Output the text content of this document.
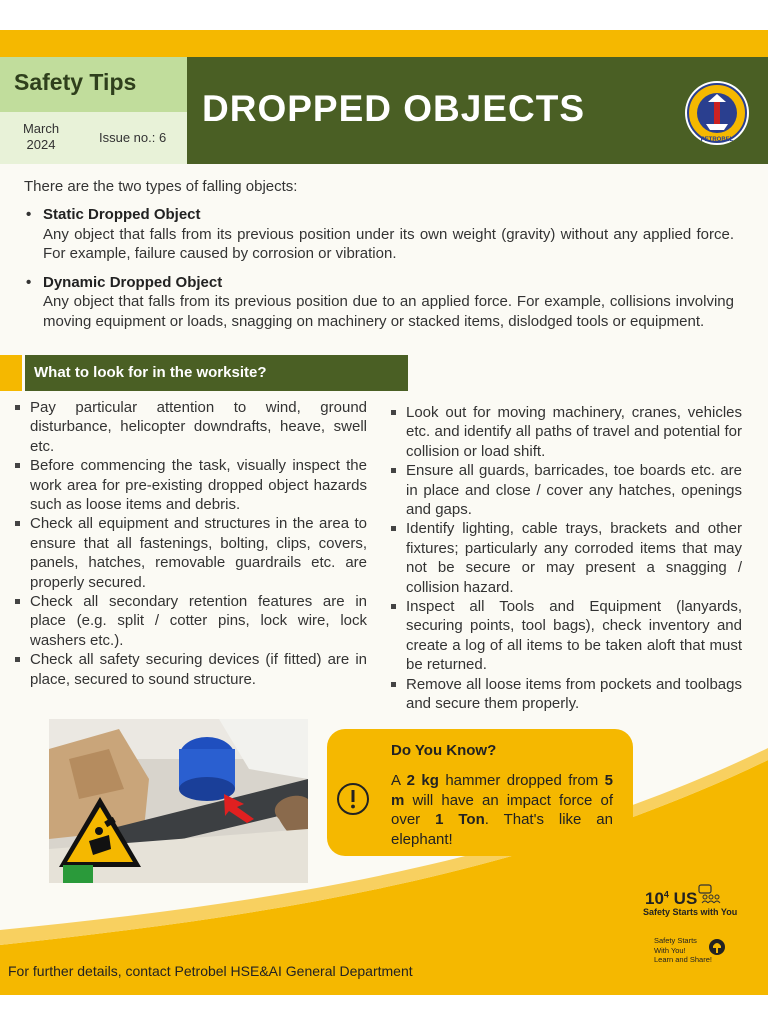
Safety Tips
March 2024	Issue no.: 6
DROPPED OBJECTS
PETROBEL
There are the two types of falling objects:
• Static Dropped Object
Any object that falls from its previous position under its own weight (gravity) without any applied force. For example, failure caused by corrosion or vibration.
• Dynamic Dropped Object
Any object that falls from its previous position due to an applied force. For example, collisions involving moving equipment or loads, snagging on machinery or stacked items, dislodged tools or equipment.
What to look for in the worksite?
Pay particular attention to wind, ground disturbance, helicopter downdrafts, heave, swell etc.
Before commencing the task, visually inspect the work area for pre-existing dropped object hazards such as loose items and debris.
Check all equipment and structures in the area to ensure that all fastenings, bolting, clips, covers, panels, hatches, removable guardrails etc. are properly secured.
Check all secondary retention features are in place (e.g. split / cotter pins, lock wire, lock washers etc.).
Check all safety securing devices (if fitted) are in place, secured to sound structure.
Look out for moving machinery, cranes, vehicles etc. and identify all paths of travel and potential for collision or load shift.
Ensure all guards, barricades, toe boards etc. are in place and close / cover any hatches, openings and gaps.
Identify lighting, cable trays, brackets and other fixtures; particularly any corroded items that may not be secure or may present a snagging / collision hazard.
Inspect all Tools and Equipment (lanyards, securing points, tool bags), check inventory and create a log of all items to be taken aloft that must be returned.
Remove all loose items from pockets and toolbags and secure them properly.
Do You Know?
A 2 kg hammer dropped from 5 m will have an impact force of over 1 Ton. That's like an elephant!
$10^4$ US
Safety Starts with You
Safety Starts
With You!
Learn and Share!
For further details, contact Petrobel HSE&AI General Department
